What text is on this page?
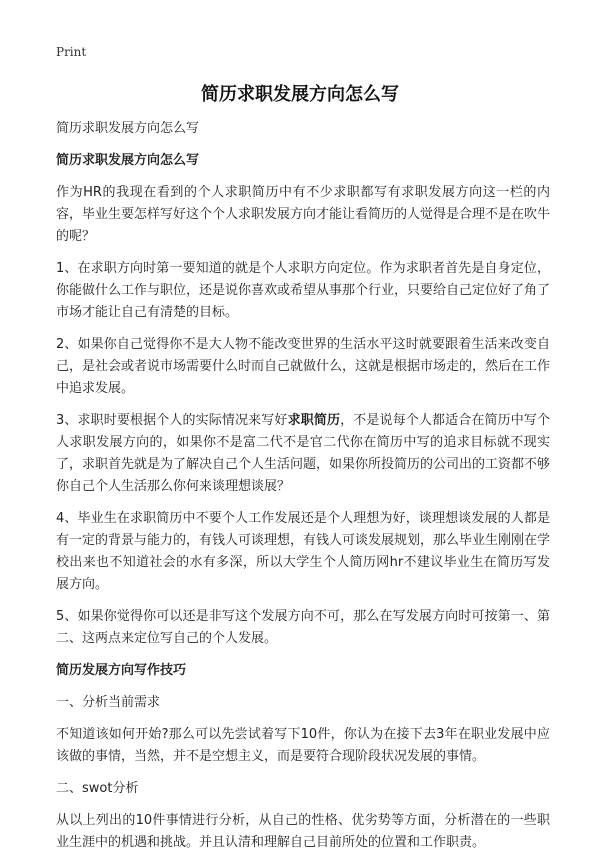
Print
简历求职发展方向怎么写

简历求职发展方向怎么写

简历求职发展方向怎么写

作为HR的我现在看到的个人求职简历中有不少求职都写有求职发展方向这一栏的内容，毕业生要怎样写好这个个人求职发展方向才能让看简历的人觉得是合理不是在吹牛的呢？

1、在求职方向时第一要知道的就是个人求职方向定位。作为求职者首先是自身定位，你能做什么工作与职位，还是说你喜欢或希望从事那个行业，只要给自己定位好了角了市场才能让自己有清楚的目标。

2、如果你自己觉得你不是大人物不能改变世界的生活水平这时就要跟着生活来改变自己，是社会或者说市场需要什么时而自己就做什么，这就是根据市场走的，然后在工作中追求发展。

3、求职时要根据个人的实际情况来写好求职简历，不是说每个人都适合在简历中写个人求职发展方向的，如果你不是富二代不是官二代你在简历中写的追求目标就不现实了，求职首先就是为了解决自己个人生活问题，如果你所投简历的公司出的工资都不够你自己个人生活那么你何来谈理想谈展？

4、毕业生在求职简历中不要个人工作发展还是个人理想为好，谈理想谈发展的人都是有一定的背景与能力的，有钱人可谈理想，有钱人可谈发展规划，那么毕业生刚刚在学校出来也不知道社会的水有多深，所以大学生个人简历网hr不建议毕业生在简历写发展方向。

5、如果你觉得你可以还是非写这个发展方向不可，那么在写发展方向时可按第一、第二、这两点来定位写自己的个人发展。

简历发展方向写作技巧

一、分析当前需求

不知道该如何开始?那么可以先尝试着写下10件，你认为在接下去3年在职业发展中应该做的事情，当然，并不是空想主义，而是要符合现阶段状况发展的事情。

二、swot分析

从以上列出的10件事情进行分析，从自己的性格、优劣势等方面，分析潜在的一些职业生涯中的机遇和挑战。并且认清和理解自己目前所处的位置和工作职责。
